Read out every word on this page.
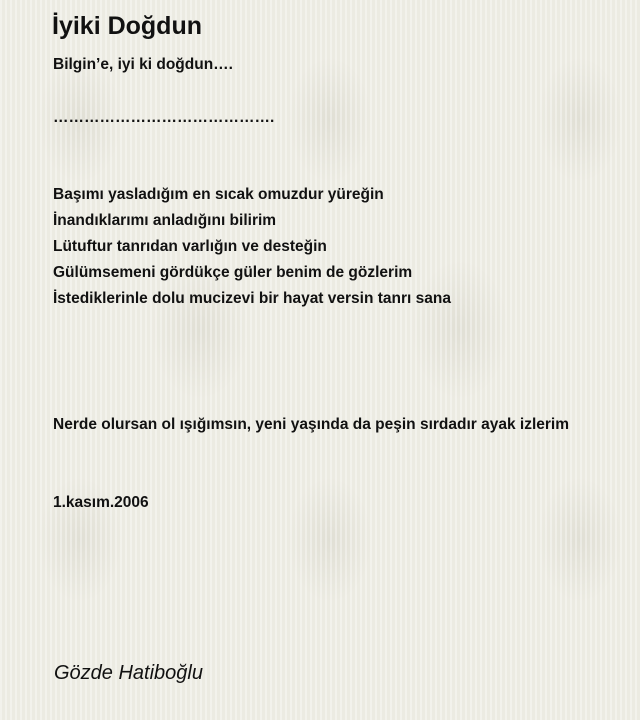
İyiki Doğdun

Bilgin’e, iyi ki doğdun….

…………………………………….

Başımı yasladığım en sıcak omuzdur yüreğin
İnandıklarımı anladığını bilirim
Lütuftur tanrıdan varlığın ve desteğin
Gülümsemeni gördükçe güler benim de gözlerim
İstediklerinle dolu mucizevi bir hayat versin tanrı sana

Nerde olursan ol ışığımsın, yeni yaşında da peşin sırdadır ayak izlerim

1.kasım.2006

Gözde Hatiboğlu
